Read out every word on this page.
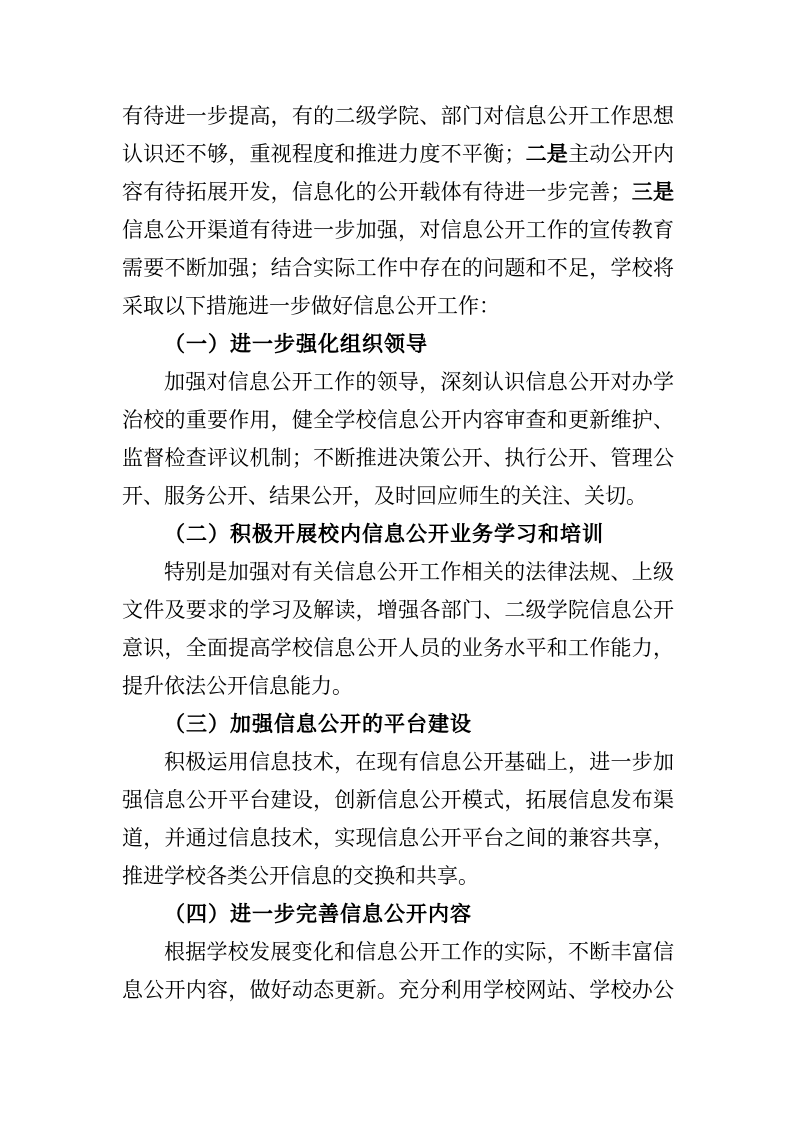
有待进一步提高，有的二级学院、部门对信息公开工作思想
认识还不够，重视程度和推进力度不平衡；二是主动公开内
容有待拓展开发，信息化的公开载体有待进一步完善；三是
信息公开渠道有待进一步加强，对信息公开工作的宣传教育
需要不断加强；结合实际工作中存在的问题和不足，学校将
采取以下措施进一步做好信息公开工作：
（一）进一步强化组织领导
加强对信息公开工作的领导，深刻认识信息公开对办学
治校的重要作用，健全学校信息公开内容审查和更新维护、
监督检查评议机制；不断推进决策公开、执行公开、管理公
开、服务公开、结果公开，及时回应师生的关注、关切。
（二）积极开展校内信息公开业务学习和培训
特别是加强对有关信息公开工作相关的法律法规、上级
文件及要求的学习及解读，增强各部门、二级学院信息公开
意识，全面提高学校信息公开人员的业务水平和工作能力，
提升依法公开信息能力。
（三）加强信息公开的平台建设
积极运用信息技术，在现有信息公开基础上，进一步加
强信息公开平台建设，创新信息公开模式，拓展信息发布渠
道，并通过信息技术，实现信息公开平台之间的兼容共享，
推进学校各类公开信息的交换和共享。
（四）进一步完善信息公开内容
根据学校发展变化和信息公开工作的实际，不断丰富信
息公开内容，做好动态更新。充分利用学校网站、学校办公
